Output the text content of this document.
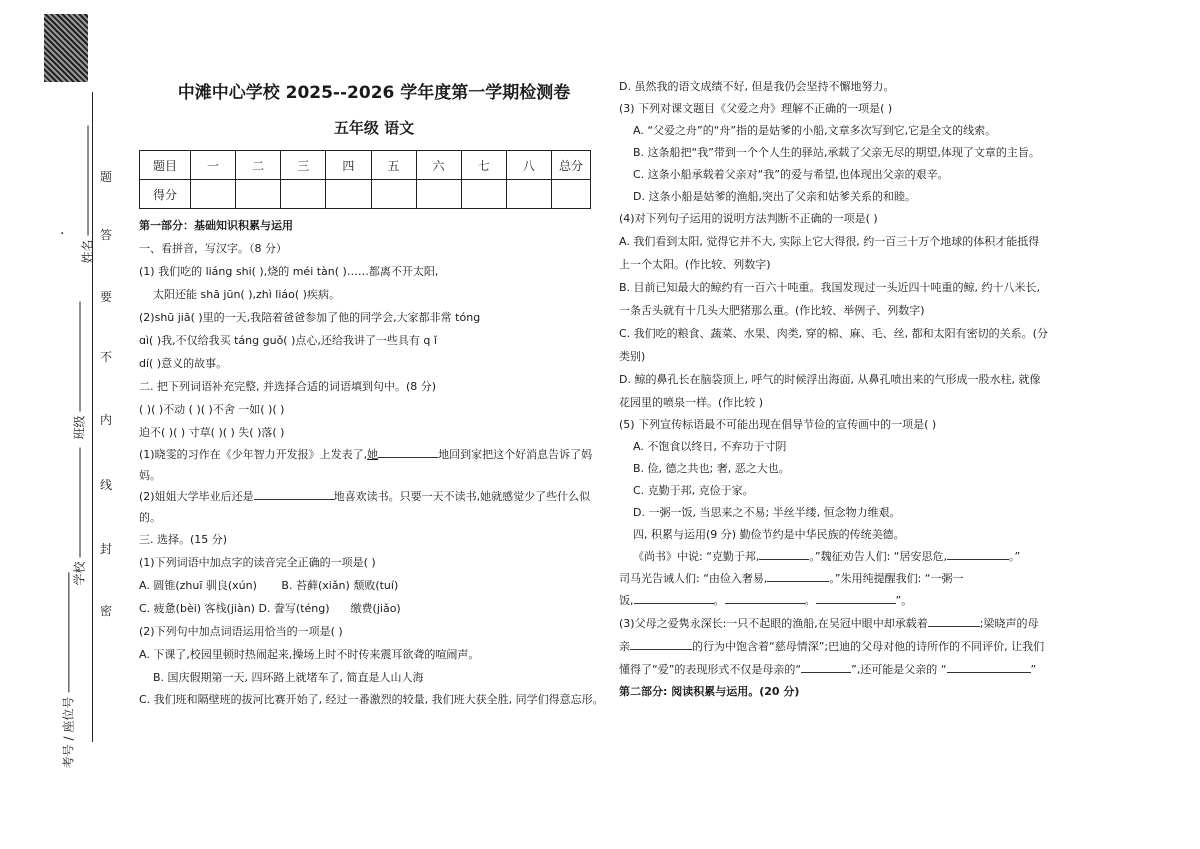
姓名
班级
学校
考号 / 座位号
·
题
答
要
不
内
线
封
密
中滩中心学校 2025--2026 学年度第一学期检测卷
五年级 语文
题目	一	二	三	四	五	六	七	八	总分
得分									

第一部分：基础知识积累与运用

一、看拼音，写汉字。（8 分）

(1) 我们吃的 liáng shi( ),烧的 méi tàn( )……都离不开太阳,

太阳还能 shā jūn( ),zhì liáo( )疾病。

(2)shū jiā( )里的一天,我陪着爸爸参加了他的同学会,大家都非常 tóng

ɑì( )我,不仅给我买 táng guǒ( )点心,还给我讲了一些具有 q ǐ

dí( )意义的故事。

二. 把下列词语补充完整, 并选择合适的词语填到句中。(8 分)

( )( )不动 ( )( )不舍 一如( )( )

迫不( )( ) 寸草( )( ) 失( )落( )

(1)晓雯的习作在《少年智力开发报》上发表了,她	地回到家把这个好消息告诉了妈妈。

(2)姐姐大学毕业后还是	地喜欢读书。只要一天不读书,她就感觉少了些什么似的。

三. 选择。(15 分)

(1)下列词语中加点字的读音完全正确的一项是( )

A. 圆锥(zhuī 驯良(xún) B. 苔藓(xiǎn) 颓败(tuí)

C. 疲惫(bèi) 客栈(jiàn) D. 誊写(téng) 缴费(jiǎo)

(2)下列句中加点词语运用恰当的一项是( )

A. 下课了,校园里顿时热闹起来,操场上时不时传来震耳欲聋的喧闹声。

B. 国庆假期第一天, 四环路上就堵车了, 简直是人山人海

C. 我们班和隔壁班的拔河比赛开始了, 经过一番激烈的较量, 我们班大获全胜, 同学们得意忘形。

D. 虽然我的语文成绩不好, 但是我仍会坚持不懈地努力。

(3) 下列对课文题目《父爱之舟》理解不正确的一项是( )

A. “父爱之舟”的“舟”指的是姑爹的小船,文章多次写到它,它是全文的线索。

B. 这条船把“我”带到一个个人生的驿站,承载了父亲无尽的期望,体现了文章的主旨。

C. 这条小船承载着父亲对“我”的爱与希望,也体现出父亲的艰辛。

D. 这条小船是姑爹的渔船,突出了父亲和姑爹关系的和睦。

(4)对下列句子运用的说明方法判断不正确的一项是( )

A. 我们看到太阳, 觉得它并不大, 实际上它大得很, 约一百三十万个地球的体积才能抵得上一个太阳。(作比较、列数字)

B. 目前已知最大的鲸约有一百六十吨重。我国发现过一头近四十吨重的鲸, 约十八米长, 一条舌头就有十几头大肥猪那么重。(作比较、举例子、列数字)

C. 我们吃的粮食、蔬菜、水果、肉类, 穿的棉、麻、毛、丝, 都和太阳有密切的关系。(分类别)

D. 鲸的鼻孔长在脑袋顶上, 呼气的时候浮出海面, 从鼻孔喷出来的气形成一股水柱, 就像花园里的喷泉一样。(作比较 )

(5) 下列宣传标语最不可能出现在倡导节俭的宣传画中的一项是( )

A. 不饱食以终日, 不弃功于寸阴

B. 俭, 德之共也; 奢, 恶之大也。

C. 克勤于邦, 克俭于家。

D. 一粥一饭, 当思来之不易; 半丝半缕, 恒念物力维艰。

四, 积累与运用(9 分) 勤俭节约是中华民族的传统美德。

《尚书》中说: “克勤于邦,	。”魏征劝告人们: “居安思危,	。”

司马光告诫人们: “由俭入奢易,	。”朱用纯提醒我们: “一粥一

饭,	。	。	”。

(3)父母之爱隽永深长:一只不起眼的渔船,在吴冠中眼中却承载着	;梁晓声的母亲	的行为中饱含着“慈母情深”;巴迪的父母对他的诗所作的不同评价, 让我们懂得了“爱”的表现形式不仅是母亲的“	”,还可能是父亲的 “	”

第二部分: 阅读积累与运用。(20 分)
